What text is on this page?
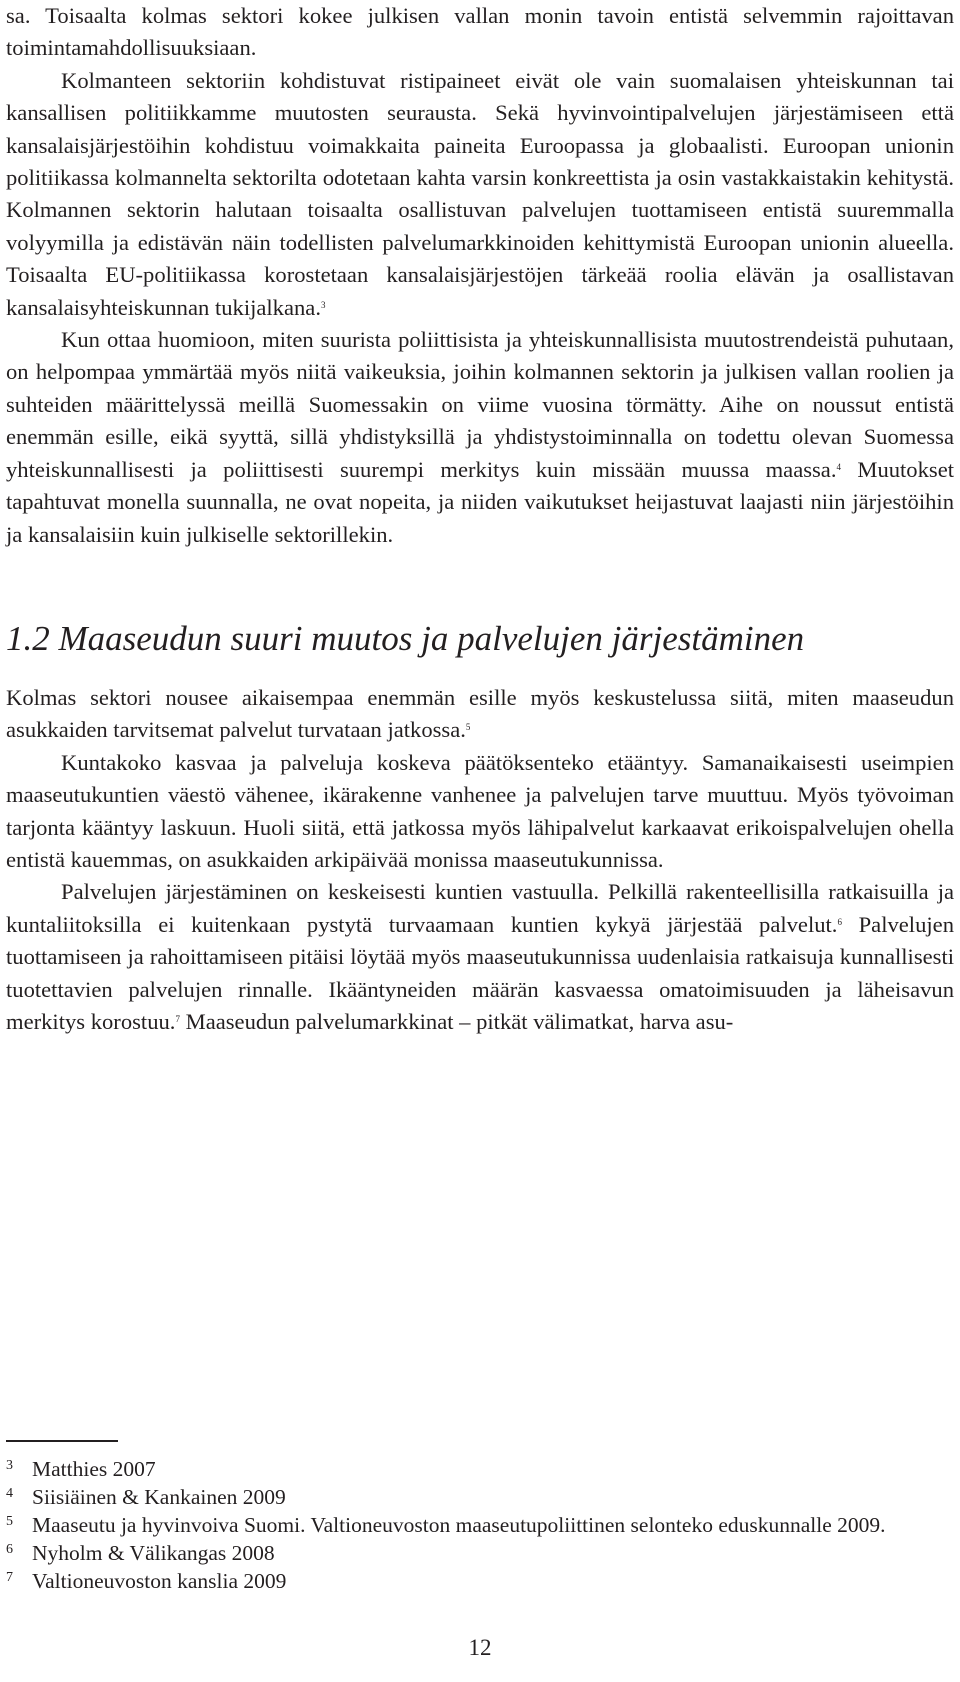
sa. Toisaalta kolmas sektori kokee julkisen vallan monin tavoin entistä selvemmin rajoittavan toimintamahdollisuuksiaan.

Kolmanteen sektoriin kohdistuvat ristipaineet eivät ole vain suomalaisen yhteiskunnan tai kansallisen politiikkamme muutosten seurausta. Sekä hyvinvointipalvelujen järjestämiseen että kansalaisjärjestöihin kohdistuu voimakkaita paineita Euroopassa ja globaalisti. Euroopan unionin politiikassa kolmannelta sektorilta odotetaan kahta varsin konkreettista ja osin vastakkaistakin kehitystä. Kolmannen sektorin halutaan toisaalta osallistuvan palvelujen tuottamiseen entistä suuremmalla volyymilla ja edistävän näin todellisten palvelumarkkinoiden kehittymistä Euroopan unionin alueella. Toisaalta EU-politiikassa korostetaan kansalaisjärjestöjen tärkeää roolia elävän ja osallistavan kansalaisyhteiskunnan tukijalkana.$^3$

Kun ottaa huomioon, miten suurista poliittisista ja yhteiskunnallisista muutostrendeistä puhutaan, on helpompaa ymmärtää myös niitä vaikeuksia, joihin kolmannen sektorin ja julkisen vallan roolien ja suhteiden määrittelyssä meillä Suomessakin on viime vuosina törmätty. Aihe on noussut entistä enemmän esille, eikä syyttä, sillä yhdistyksillä ja yhdistystoiminnalla on todettu olevan Suomessa yhteiskunnallisesti ja poliittisesti suurempi merkitys kuin missään muussa maassa.$^4$ Muutokset tapahtuvat monella suunnalla, ne ovat nopeita, ja niiden vaikutukset heijastuvat laajasti niin järjestöihin ja kansalaisiin kuin julkiselle sektorillekin.

1.2 Maaseudun suuri muutos ja palvelujen järjestäminen

Kolmas sektori nousee aikaisempaa enemmän esille myös keskustelussa siitä, miten maaseudun asukkaiden tarvitsemat palvelut turvataan jatkossa.$^5$

Kuntakoko kasvaa ja palveluja koskeva päätöksenteko etääntyy. Samanaikaisesti useimpien maaseutukuntien väestö vähenee, ikärakenne vanhenee ja palvelujen tarve muuttuu. Myös työvoiman tarjonta kääntyy laskuun. Huoli siitä, että jatkossa myös lähipalvelut karkaavat erikoispalvelujen ohella entistä kauemmas, on asukkaiden arkipäivää monissa maaseutukunnissa.

Palvelujen järjestäminen on keskeisesti kuntien vastuulla. Pelkillä rakenteellisilla ratkaisuilla ja kuntaliitoksilla ei kuitenkaan pystytä turvaamaan kuntien kykyä järjestää palvelut.$^6$ Palvelujen tuottamiseen ja rahoittamiseen pitäisi löytää myös maaseutukunnissa uudenlaisia ratkaisuja kunnallisesti tuotettavien palvelujen rinnalle. Ikääntyneiden määrän kasvaessa omatoimisuuden ja läheisavun merkitys korostuu.$^7$ Maaseudun palvelumarkkinat – pitkät välimatkat, harva asu-

3 Matthies 2007
4 Siisiäinen & Kankainen 2009
5 Maaseutu ja hyvinvoiva Suomi. Valtioneuvoston maaseutupoliittinen selonteko eduskunnalle 2009.
6 Nyholm & Välikangas 2008
7 Valtioneuvoston kanslia 2009
12
